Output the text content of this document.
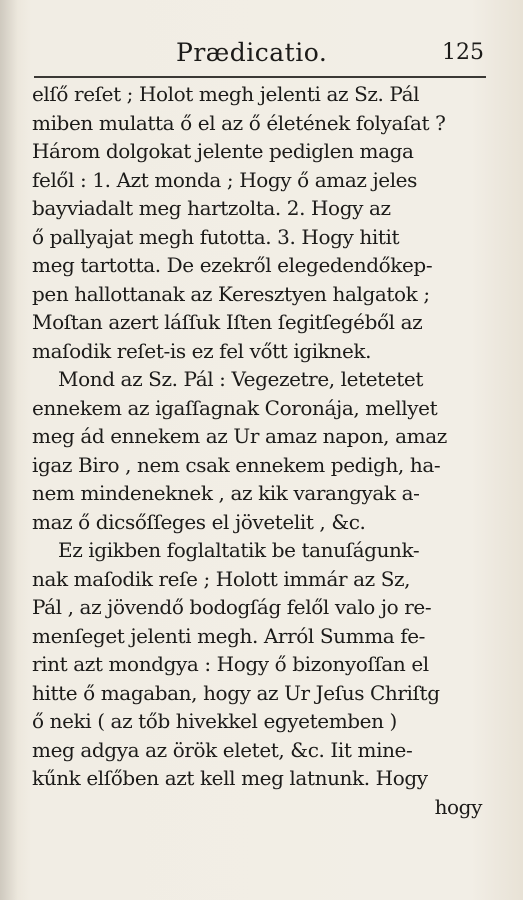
Prædicatio.	125
elſő reſet ; Holot megh jelenti az Sz. Pál
miben mulatta ő el az ő életének folyaſat ?
Három dolgokat jelente pediglen maga
felől : 1. Azt monda ; Hogy ő amaz jeles
bayviadalt meg hartzolta. 2. Hogy az
ő pallyajat megh futotta. 3. Hogy hitit
meg tartotta. De ezekről elegedendőkep-
pen hallottanak az Keresztyen halgatok ;
Moſtan azert láſſuk Iſten ſegitſegéből az
maſodik reſet-is ez fel vőtt igiknek.
Mond az Sz. Pál : Vegezetre, letetetet
ennekem az igaſſagnak Coronája, mellyet
meg ád ennekem az Ur amaz napon, amaz
igaz Biro , nem csak ennekem pedigh, ha-
nem mindeneknek , az kik varangyak a-
maz ő dicsőſſeges el jövetelit , &c.
Ez igikben foglaltatik be tanuſágunk-
nak maſodik reſe ; Holott immár az Sz,
Pál , az jövendő bodogſág felől valo jo re-
menſeget jelenti megh. Arról Summa fe-
rint azt mondgya : Hogy ő bizonyoſſan el
hitte ő magaban, hogy az Ur Jeſus Chriſtg
ő neki ( az tőb hivekkel egyetemben )
meg adgya az örök eletet, &c. Iit mine-
kűnk elſőben azt kell meg latnunk. Hogy
hogy
